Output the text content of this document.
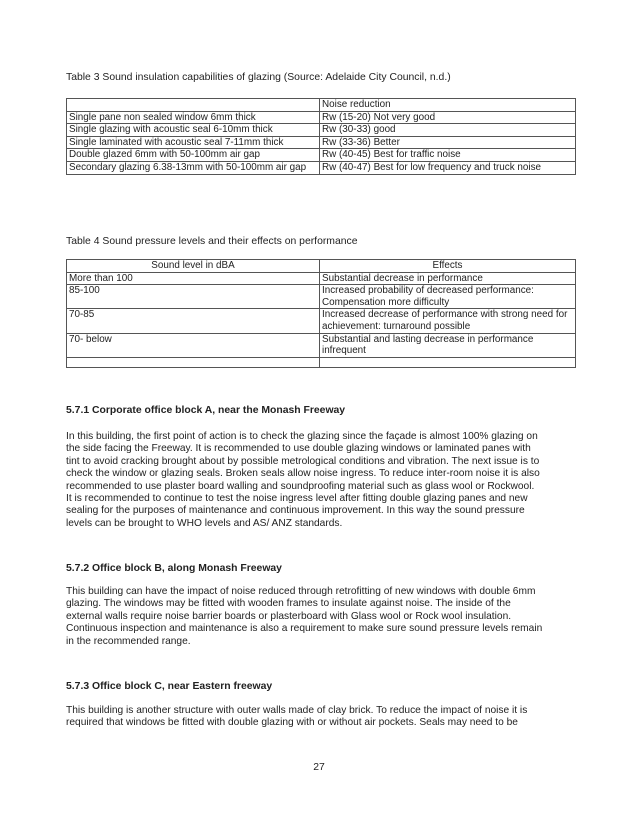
Table 3 Sound insulation capabilities of glazing (Source: Adelaide City Council, n.d.)
	Noise reduction
Single pane non sealed window 6mm thick	Rw (15-20) Not very good
Single glazing with acoustic seal 6-10mm thick	Rw (30-33) good
Single laminated with acoustic seal 7-11mm thick	Rw (33-36) Better
Double glazed 6mm with 50-100mm air gap	Rw (40-45) Best for traffic noise
Secondary glazing 6.38-13mm with 50-100mm air gap	Rw (40-47) Best for low frequency and truck noise
Table 4 Sound pressure levels and their effects on performance
Sound level in dBA	Effects
More than 100	Substantial decrease in performance
85-100	Increased probability of decreased performance: Compensation more difficulty
70-85	Increased decrease of performance with strong need for achievement: turnaround possible
70- below	Substantial and lasting decrease in performance infrequent

5.7.1 Corporate office block A, near the Monash Freeway
In this building, the first point of action is to check the glazing since the façade is almost 100% glazing on
the side facing the Freeway. It is recommended to use double glazing windows or laminated panes with
tint to avoid cracking brought about by possible metrological conditions and vibration. The next issue is to
check the window or glazing seals. Broken seals allow noise ingress. To reduce inter-room noise it is also
recommended to use plaster board walling and soundproofing material such as glass wool or Rockwool.
It is recommended to continue to test the noise ingress level after fitting double glazing panes and new
sealing for the purposes of maintenance and continuous improvement. In this way the sound pressure
levels can be brought to WHO levels and AS/ ANZ standards.
5.7.2 Office block B, along Monash Freeway
This building can have the impact of noise reduced through retrofitting of new windows with double 6mm
glazing. The windows may be fitted with wooden frames to insulate against noise. The inside of the
external walls require noise barrier boards or plasterboard with Glass wool or Rock wool insulation.
Continuous inspection and maintenance is also a requirement to make sure sound pressure levels remain
in the recommended range.
5.7.3 Office block C, near Eastern freeway
This building is another structure with outer walls made of clay brick. To reduce the impact of noise it is
required that windows be fitted with double glazing with or without air pockets. Seals may need to be
27
